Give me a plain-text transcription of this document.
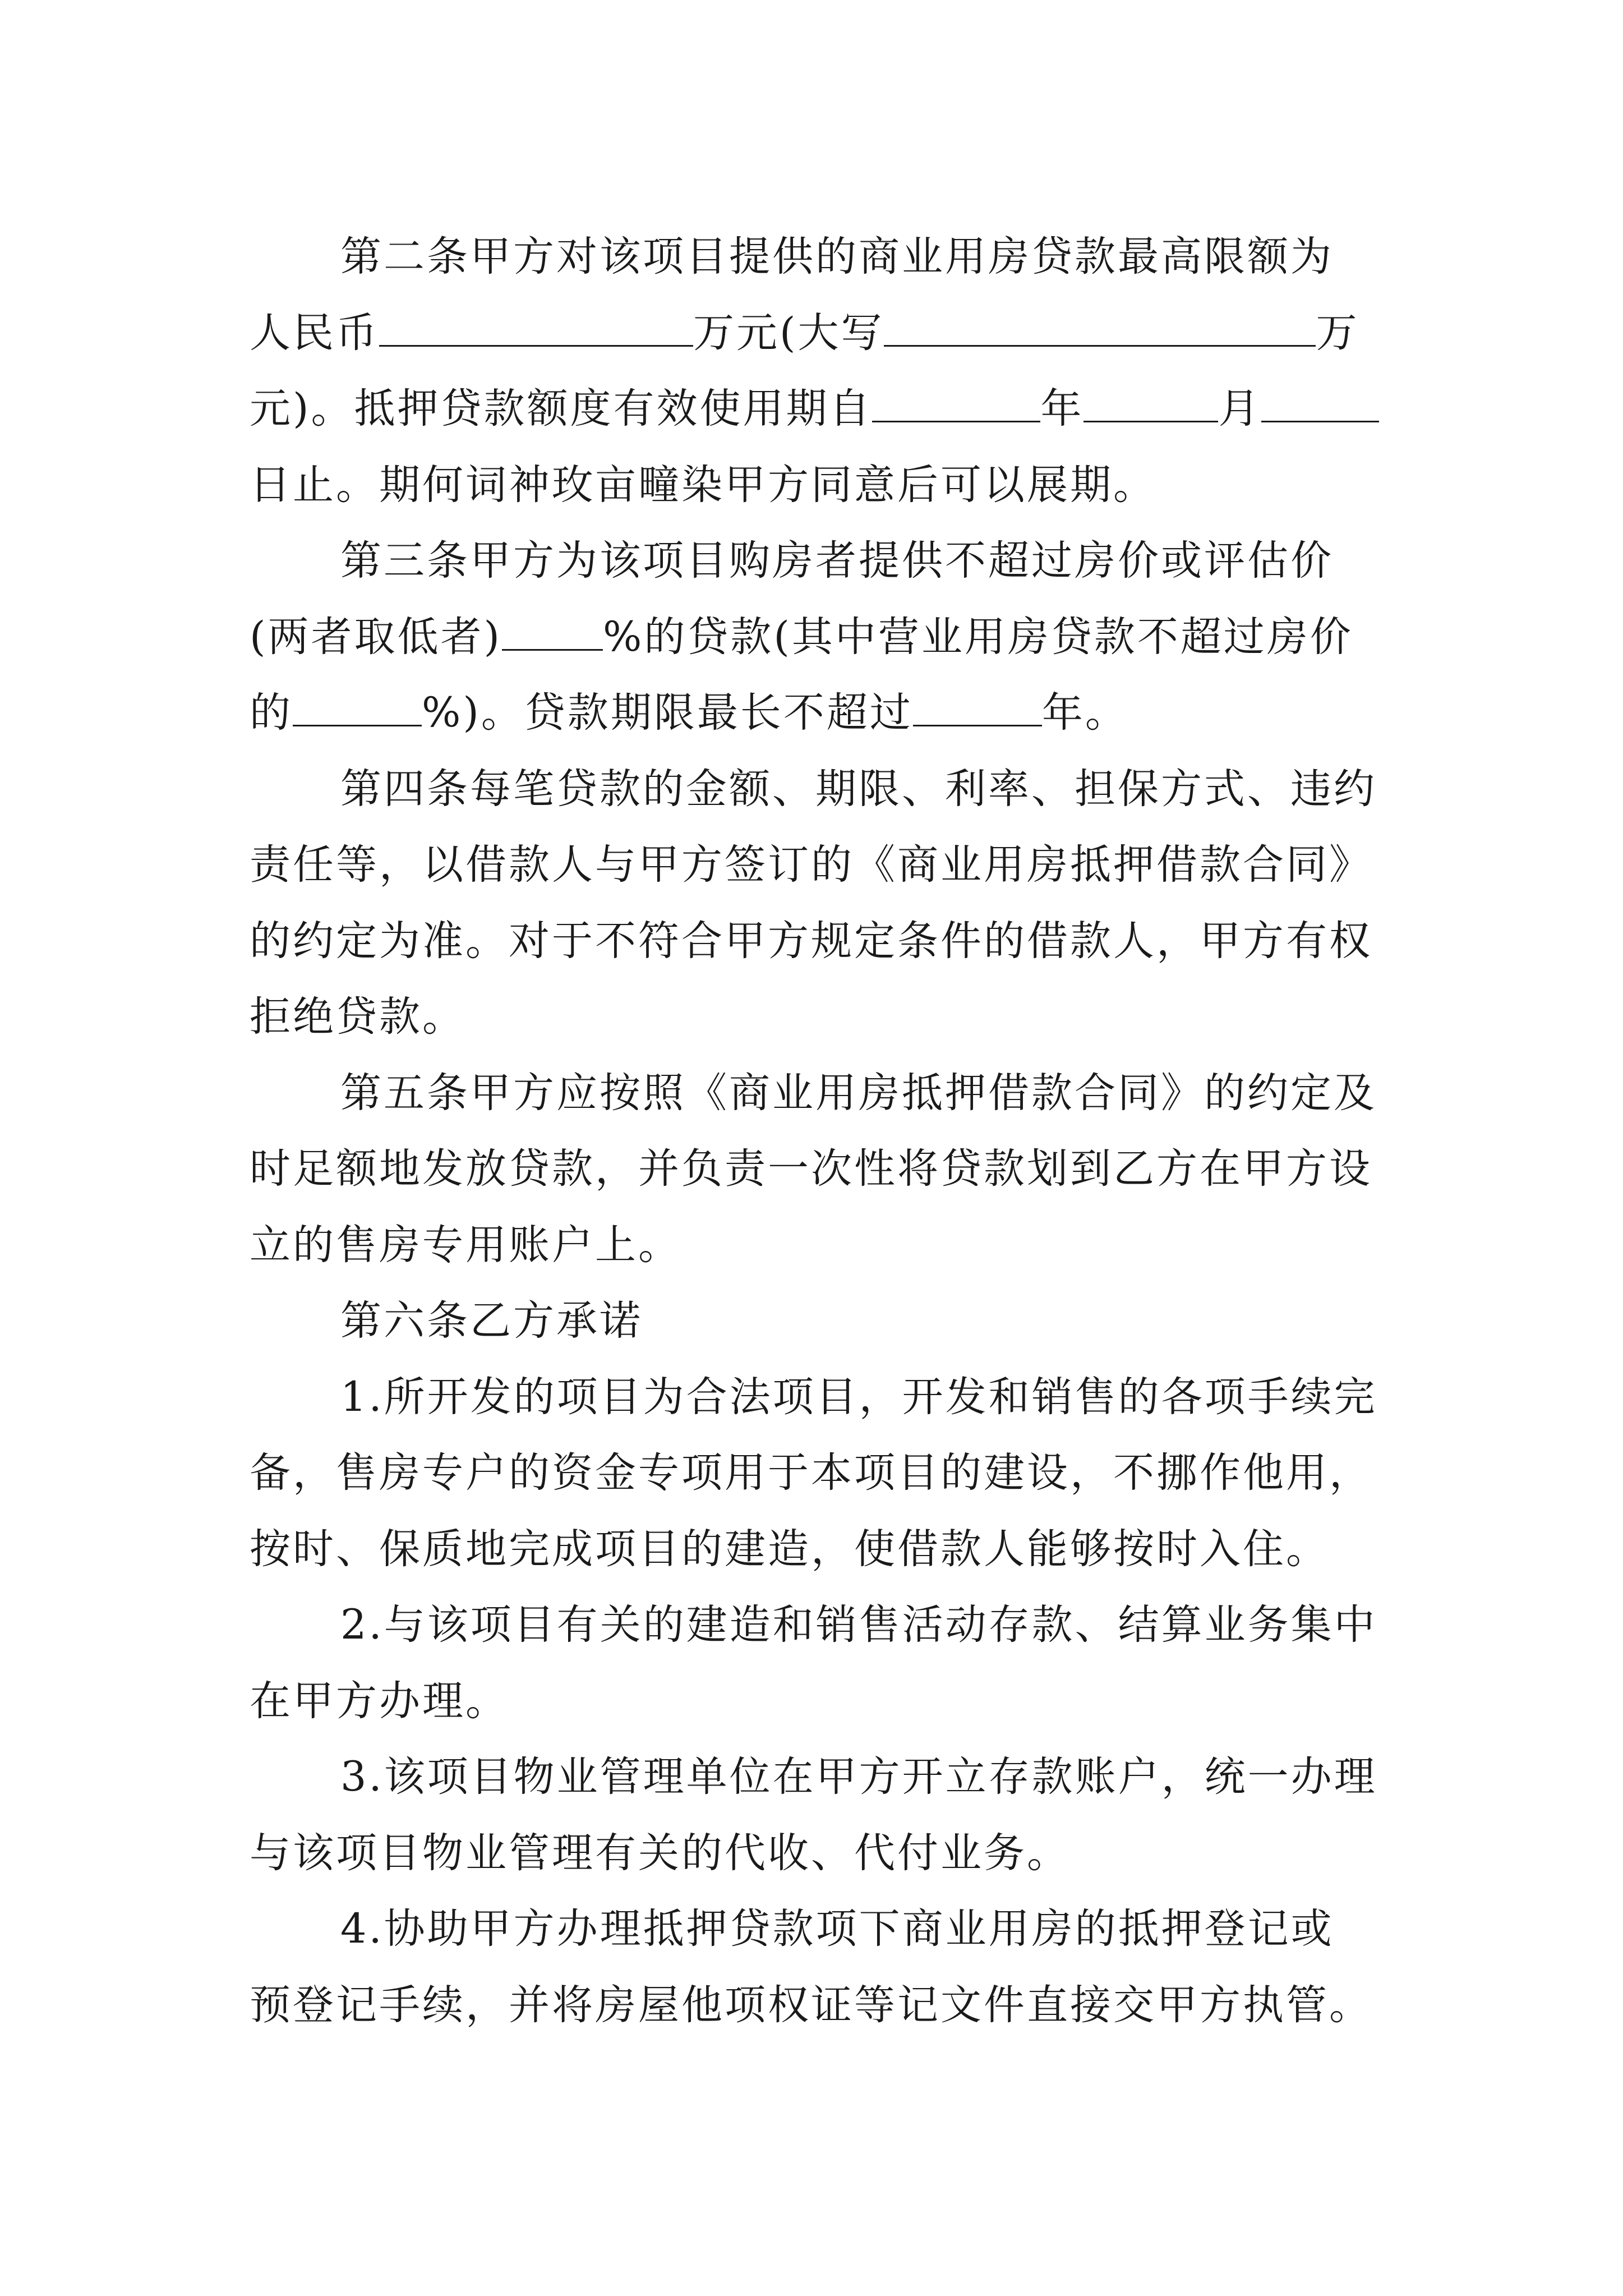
第二条甲方对该项目提供的商业用房贷款最高限额为
人民币	万元(大写	万
元)。抵押贷款额度有效使用期自	年	月
日止。期何词衶玫亩疃染甲方同意后可以展期。
第三条甲方为该项目购房者提供不超过房价或评估价
(两者取低者) %的贷款(其中营业用房贷款不超过房价
的	%)。贷款期限最长不超过	年。
第四条每笔贷款的金额、期限、利率、担保方式、违约
责任等，以借款人与甲方签订的《商业用房抵押借款合同》
的约定为准。对于不符合甲方规定条件的借款人，甲方有权
拒绝贷款。
第五条甲方应按照《商业用房抵押借款合同》的约定及
时足额地发放贷款，并负责一次性将贷款划到乙方在甲方设
立的售房专用账户上。
第六条乙方承诺
1.所开发的项目为合法项目，开发和销售的各项手续完
备，售房专户的资金专项用于本项目的建设，不挪作他用，
按时、保质地完成项目的建造，使借款人能够按时入住。
2.与该项目有关的建造和销售活动存款、结算业务集中
在甲方办理。
3.该项目物业管理单位在甲方开立存款账户，统一办理
与该项目物业管理有关的代收、代付业务。
4.协助甲方办理抵押贷款项下商业用房的抵押登记或
预登记手续，并将房屋他项权证等记文件直接交甲方执管。
